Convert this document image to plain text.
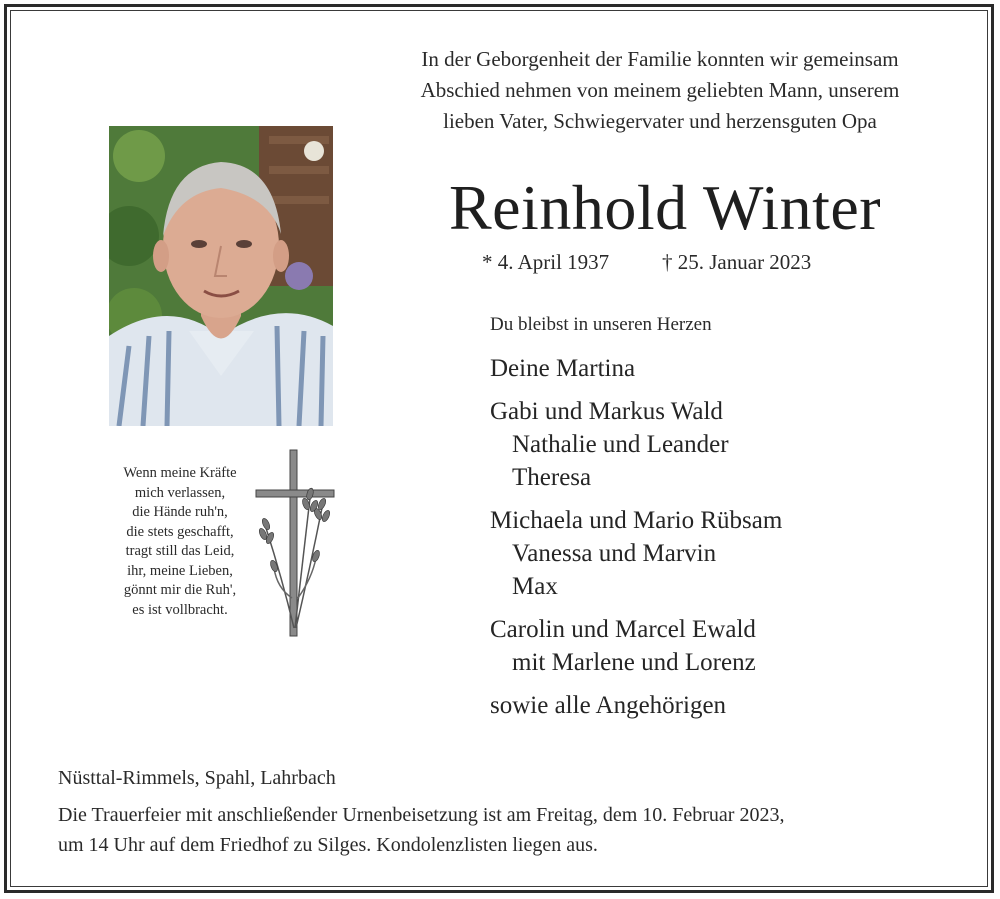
In der Geborgenheit der Familie konnten wir gemeinsam
Abschied nehmen von meinem geliebten Mann, unserem
lieben Vater, Schwiegervater und herzensguten Opa
Reinhold Winter
* 4. April 1937	† 25. Januar 2023
Du bleibst in unseren Herzen
Deine Martina
Gabi und Markus Wald
Nathalie und Leander
Theresa
Michaela und Mario Rübsam
Vanessa und Marvin
Max
Carolin und Marcel Ewald
mit Marlene und Lorenz
sowie alle Angehörigen
Wenn meine Kräfte
mich verlassen,
die Hände ruh'n,
die stets geschafft,
tragt still das Leid,
ihr, meine Lieben,
gönnt mir die Ruh',
es ist vollbracht.
Nüsttal-Rimmels, Spahl, Lahrbach
Die Trauerfeier mit anschließender Urnenbeisetzung ist am Freitag, dem 10. Februar 2023,
um 14 Uhr auf dem Friedhof zu Silges. Kondolenzlisten liegen aus.
